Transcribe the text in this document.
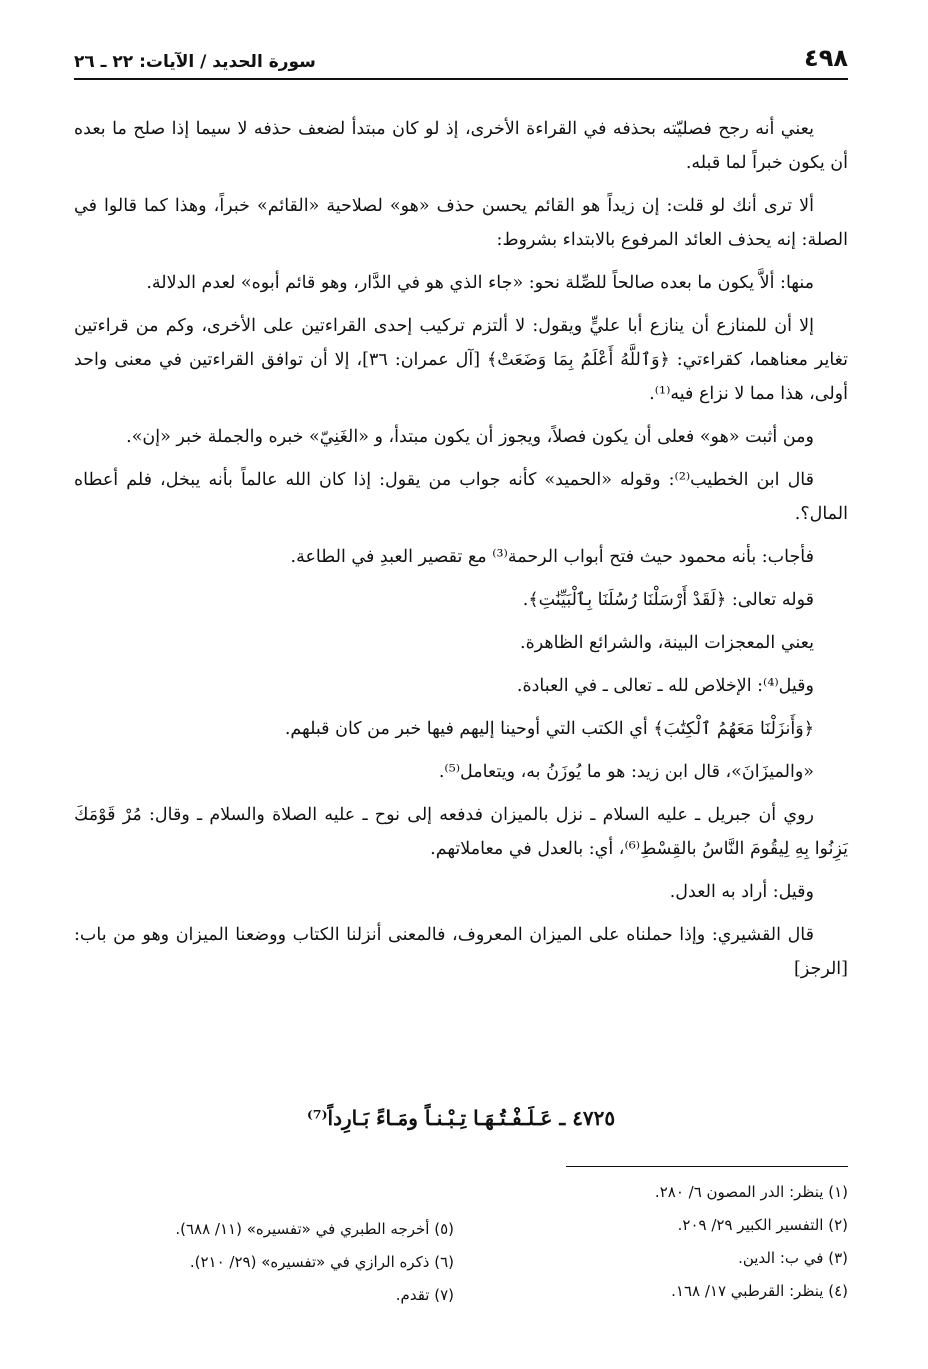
٤٩٨
سورة الحديد / الآيات: ٢٢ ـ ٢٦

يعني أنه رجح فصليّته بحذفه في القراءة الأخرى، إذ لو كان مبتدأ لضعف حذفه لا سيما إذا صلح ما بعده أن يكون خبراً لما قبله.

ألا ترى أنك لو قلت: إن زيداً هو القائم يحسن حذف «هو» لصلاحية «القائم» خبراً، وهذا كما قالوا في الصلة: إنه يحذف العائد المرفوع بالابتداء بشروط:

منها: ألاَّ يكون ما بعده صالحاً للصِّلة نحو: «جاء الذي هو في الدَّار، وهو قائم أبوه» لعدم الدلالة.

إلا أن للمنازع أن ينازع أبا عليٍّ ويقول: لا ألتزم تركيب إحدى القراءتين على الأخرى، وكم من قراءتين تغاير معناهما، كقراءتي: ﴿وَٱللَّهُ أَعْلَمُ بِمَا وَضَعَتْ﴾ [آل عمران: ٣٦]، إلا أن توافق القراءتين في معنى واحد أولى، هذا مما لا نزاع فيه⁽¹⁾.

ومن أثبت «هو» فعلى أن يكون فصلاً، ويجوز أن يكون مبتدأ، و «الغَنِيّ» خبره والجملة خبر «إن».

قال ابن الخطيب⁽²⁾: وقوله «الحميد» كأنه جواب من يقول: إذا كان الله عالماً بأنه يبخل، فلم أعطاه المال؟.

فأجاب: بأنه محمود حيث فتح أبواب الرحمة⁽³⁾ مع تقصير العبدِ في الطاعة.

قوله تعالى: ﴿لَقَدْ أَرْسَلْنَا رُسُلَنَا بِٱلْبَيِّنَٰتِ﴾.

يعني المعجزات البينة، والشرائع الظاهرة.

وقيل⁽⁴⁾: الإخلاص لله ـ تعالى ـ في العبادة.

﴿وَأَنزَلْنَا مَعَهُمُ ٱلْكِتَٰبَ﴾ أي الكتب التي أوحينا إليهم فيها خبر من كان قبلهم.

«والميزَانَ»، قال ابن زيد: هو ما يُوزَنُ به، ويتعامل⁽⁵⁾.

روي أن جبريل ـ عليه السلام ـ نزل بالميزان فدفعه إلى نوح ـ عليه الصلاة والسلام ـ وقال: مُرْ قَوْمَكَ يَزِنُوا بِهِ لِيقُومَ النَّاسُ بالقِسْطِ⁽⁶⁾، أي: بالعدل في معاملاتهم.

وقيل: أراد به العدل.

قال القشيري: وإذا حملناه على الميزان المعروف، فالمعنى أنزلنا الكتاب ووضعنا الميزان وهو من باب: [الرجز]

٤٧٢٥ ـ عَـلَـفْـتُـهَـا تِـبْـنـاً ومَـاءً بَـارِداً⁽⁷⁾
(١) ينظر: الدر المصون ٦/ ٢٨٠.
(٢) التفسير الكبير ٢٩/ ٢٠٩.
(٣) في ب: الدين.
(٤) ينظر: القرطبي ١٧/ ١٦٨.
(٥) أخرجه الطبري في «تفسيره» (١١/ ٦٨٨).
(٦) ذكره الرازي في «تفسيره» (٢٩/ ٢١٠).
(٧) تقدم.
